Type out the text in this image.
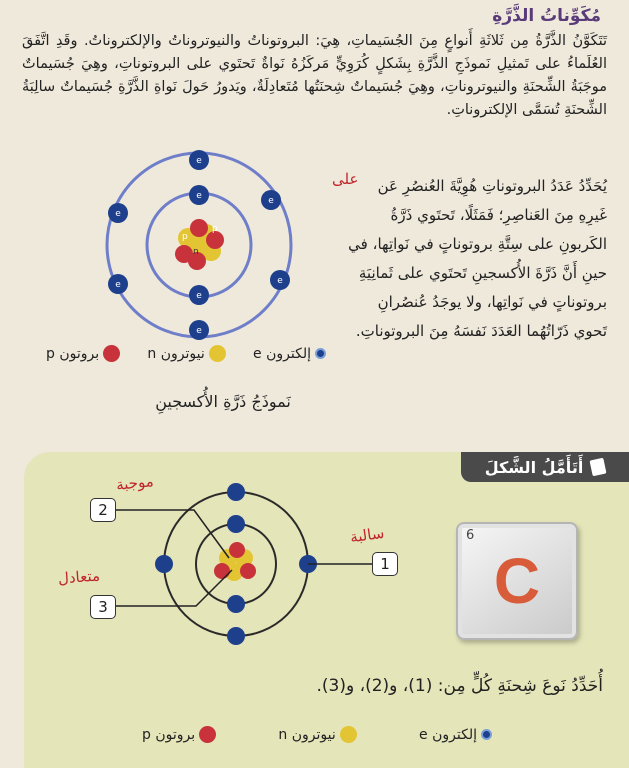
مُكَوِّناتُ الذَّرَّةِ
تَتَكَوَّنُ الذَّرَّةُ مِن ثَلاثَةِ أَنواعٍ مِنَ الجُسَيماتِ، هِيَ: البروتوناتُ والنيوتروناتُ والإلكتروناتُ. وقَدِ اتَّفَقَ العُلَماءُ على تَمثيلِ نَموذَجِ الذَّرَّةِ بِشَكلٍ كُرَوِيٍّ مَركَزُهُ نَواةٌ تَحتَوي على البروتوناتِ، وهِيَ جُسَيماتٌ موجَبَةُ الشِّحنَةِ والنيوتروناتِ، وهِيَ جُسَيماتٌ شِحنَتُها مُتَعادِلَةٌ، ويَدورُ حَولَ نَواةِ الذَّرَّةِ جُسَيماتٌ سالِبَةُ الشِّحنَةِ تُسَمَّى الإلكتروناتِ.
p
p
n
e
e
e
e
e
e
e	e
يُحَدِّدُ عَدَدُ البروتوناتِ هُوِيَّةَ العُنصُرِ عَن غَيرِهِ مِنَ العَناصِرِ؛ فَمَثَلًا، تَحتَوي ذَرَّةُ الكَربونِ على سِتَّةِ بروتوناتٍ في نَواتِها، في حينِ أَنَّ ذَرَّةَ الأُكسجينِ تَحتَوي على ثَمانِيَةِ بروتوناتٍ في نَواتِها، ولا يوجَدُ عُنصُرانِ تَحوي ذَرّاتُهُما العَدَدَ نَفسَهُ مِنَ البروتوناتِ.
إلكترون e
نيوترون n
بروتون p
نَموذَجُ ذَرَّةِ الأُكسجينِ
أَتَأَمَّلُ الشَّكلَ
2
3
1
6
C
موجبة
متعادل
سالبة
علی
أُحَدِّدُ نَوعَ شِحنَةِ كُلٍّ مِن: (1)، و(2)، و(3).
إلكترون e
نيوترون n
بروتون p
